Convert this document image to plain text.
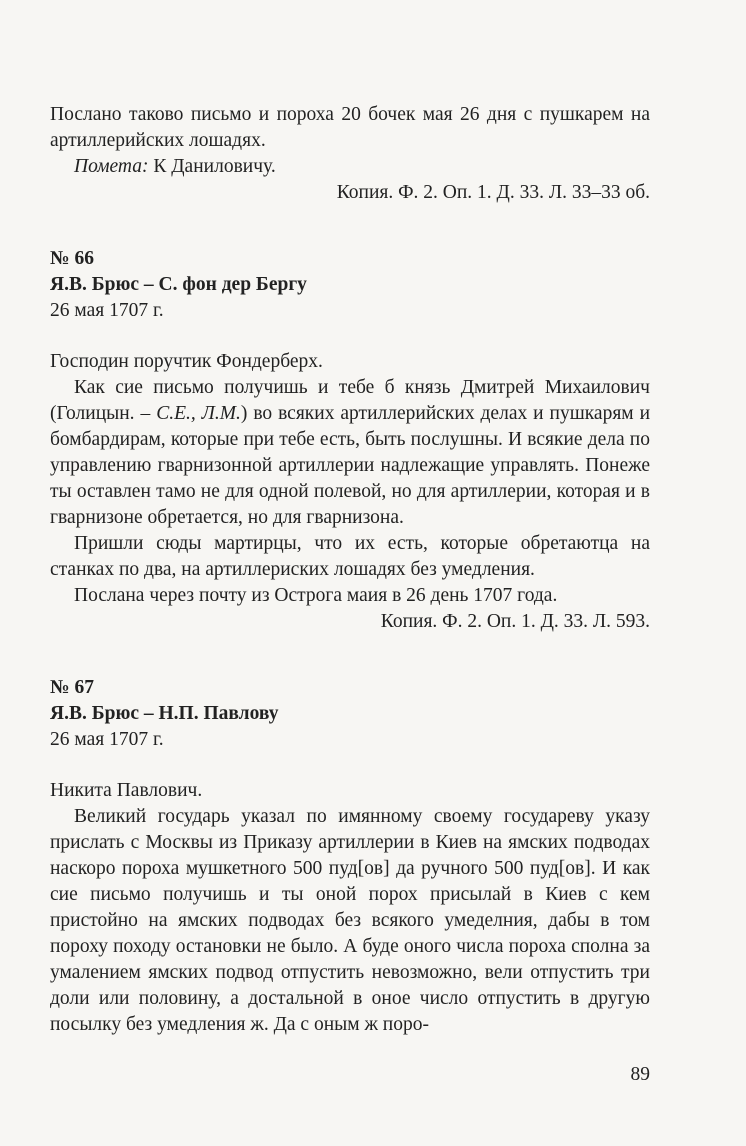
Послано таково письмо и пороха 20 бочек мая 26 дня с пушкарем на артиллерийских лошадях.

Помета: К Даниловичу.

Копия. Ф. 2. Оп. 1. Д. 33. Л. 33–33 об.

№ 66

Я.В. Брюс – С. фон дер Бергу

26 мая 1707 г.

Господин поручтик Фондерберх.

Как сие письмо получишь и тебе б князь Дмитрей Михаилович (Голицын. – С.Е., Л.М.) во всяких артиллерийских делах и пушкарям и бомбардирам, которые при тебе есть, быть послушны. И всякие дела по управлению гварнизонной артиллерии надлежащие управлять. Понеже ты оставлен тамо не для одной полевой, но для артиллерии, которая и в гварнизоне обретается, но для гварнизона.

Пришли сюды мартирцы, что их есть, которые обретаютца на станках по два, на артиллериских лошадях без умедления.

Послана через почту из Острога маия в 26 день 1707 года.

Копия. Ф. 2. Оп. 1. Д. 33. Л. 593.

№ 67

Я.В. Брюс – Н.П. Павлову

26 мая 1707 г.

Никита Павлович.

Великий государь указал по имянному своему государеву указу прислать с Москвы из Приказу артиллерии в Киев на ямских подводах наскоро пороха мушкетного 500 пуд[ов] да ручного 500 пуд[ов]. И как сие письмо получишь и ты оной порох присылай в Киев с кем пристойно на ямских подводах без всякого умеделния, дабы в том пороху походу остановки не было. А буде оного числа пороха сполна за умалением ямских подвод отпустить невозможно, вели отпустить три доли или половину, а достальной в оное число отпустить в другую посылку без умедления ж. Да с оным ж поро-

89
